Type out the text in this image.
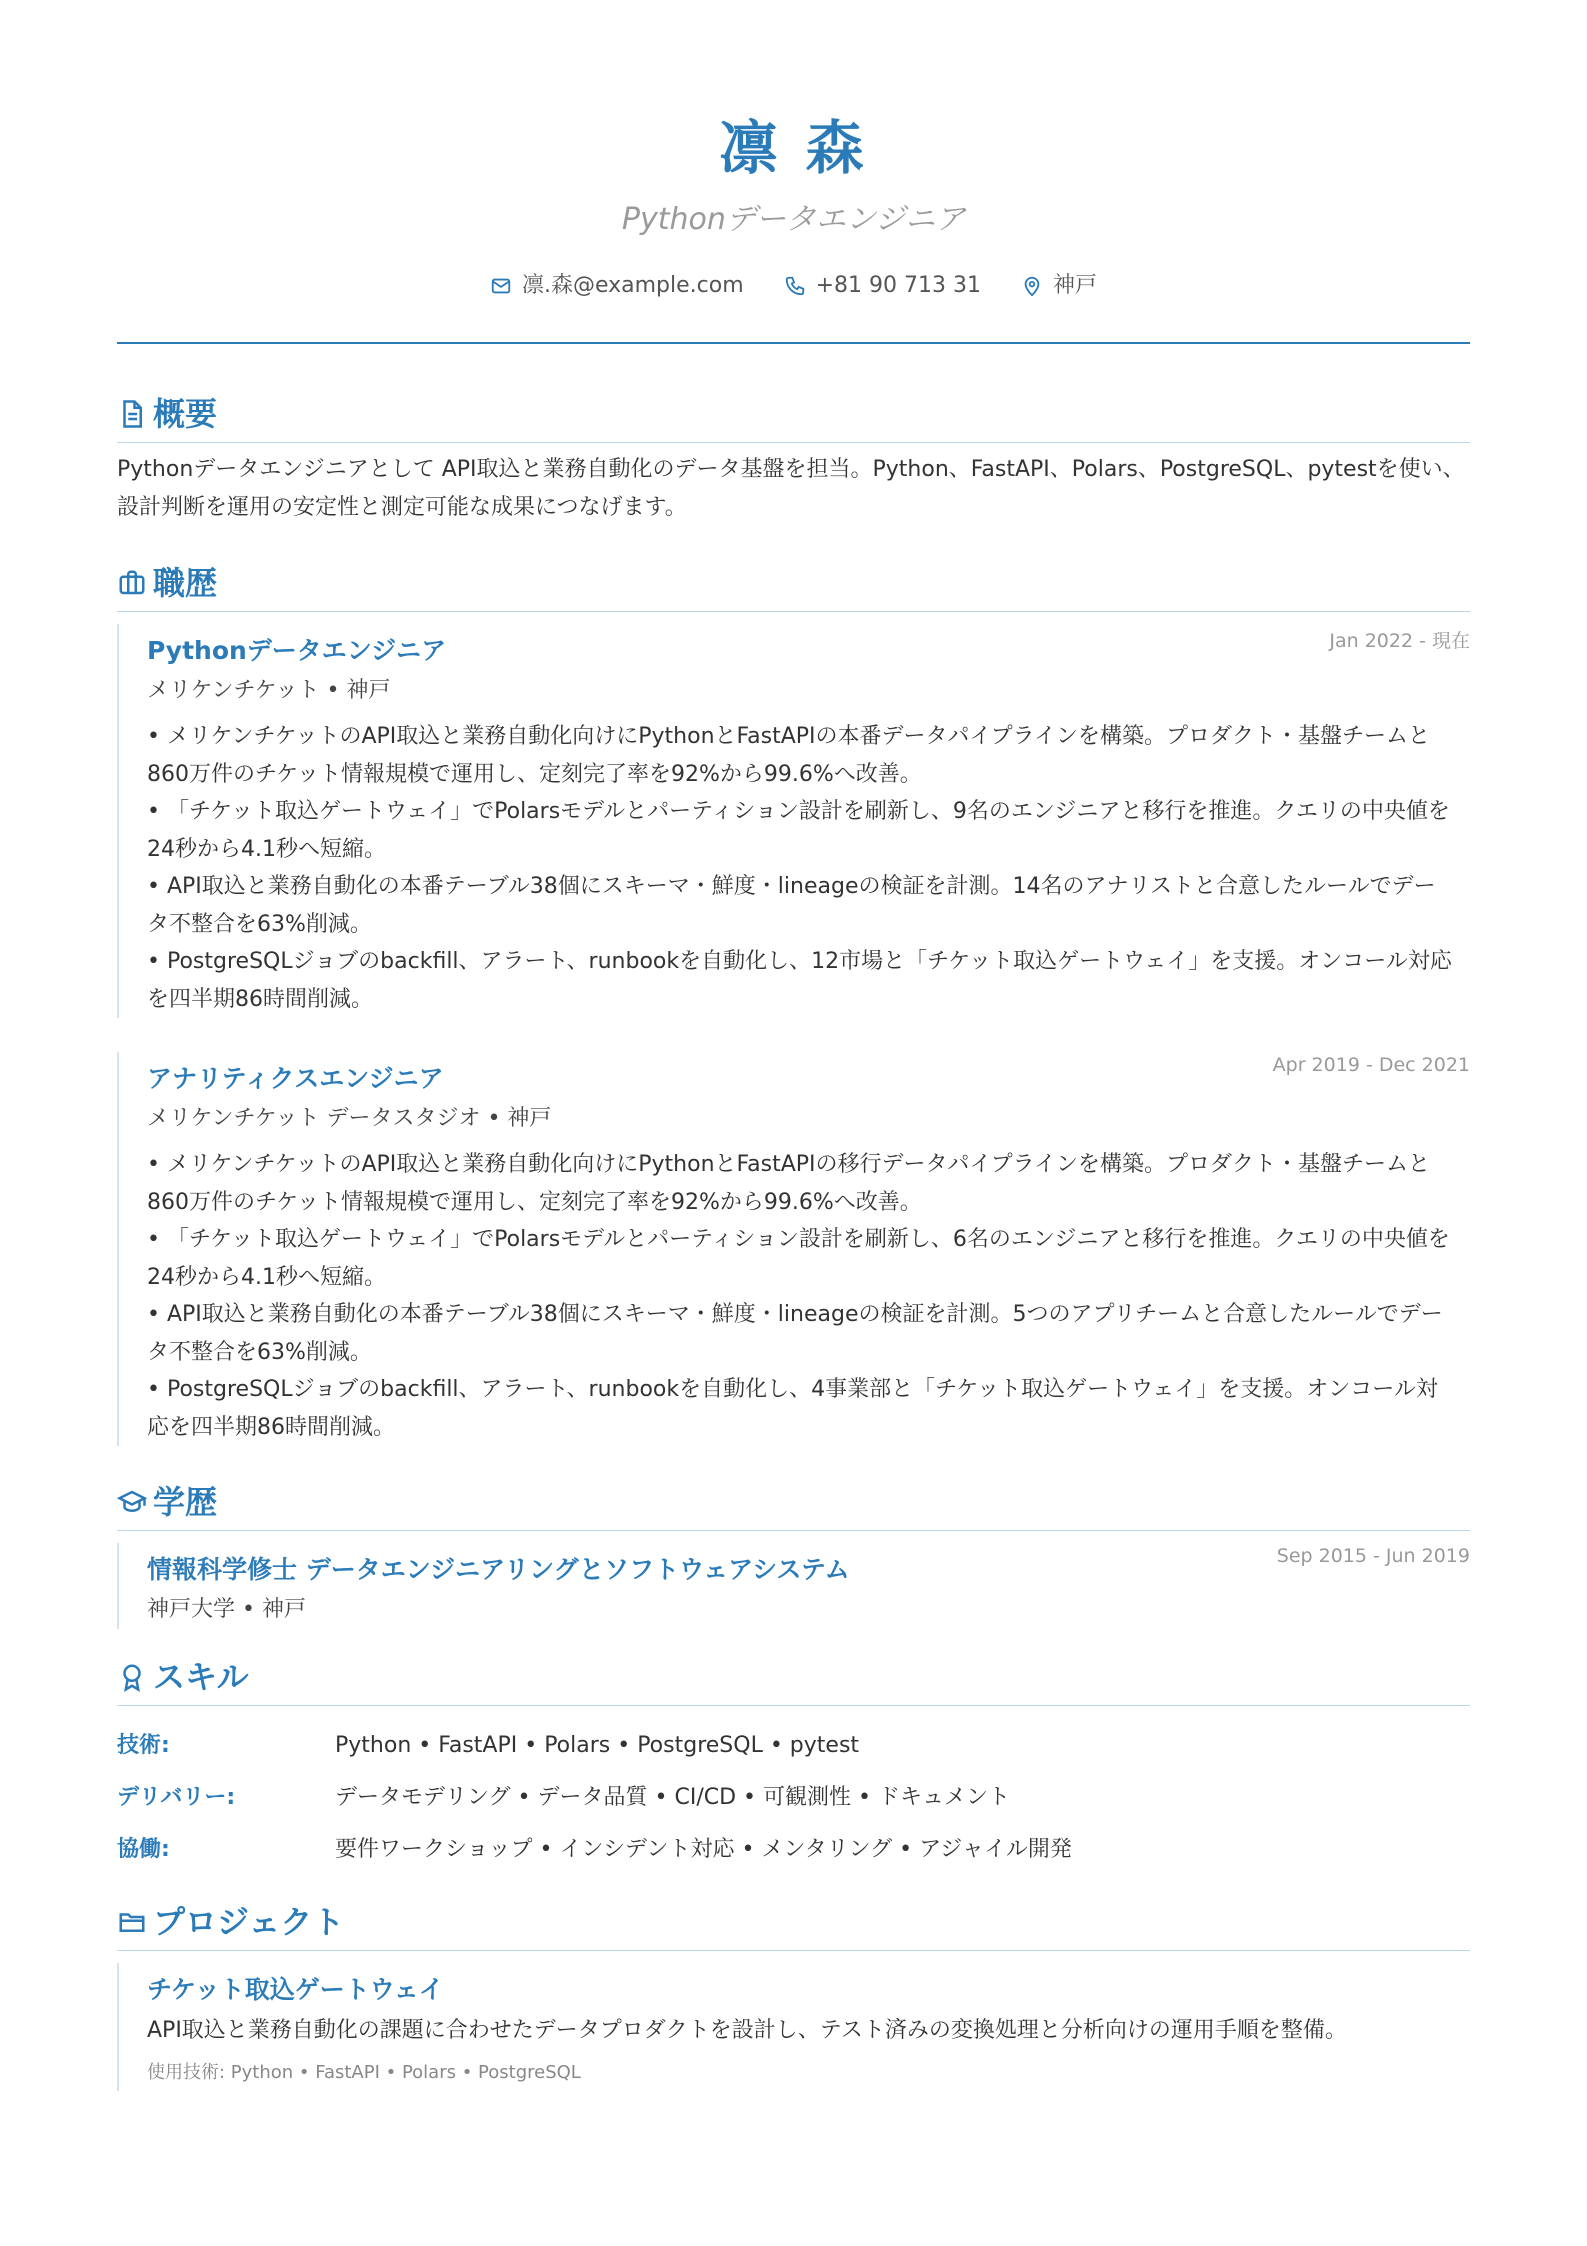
凛 森
Pythonデータエンジニア
凛.森@example.com	+81 90 713 31	神戸
概要
Pythonデータエンジニアとして API取込と業務自動化のデータ基盤を担当。Python、FastAPI、Polars、PostgreSQL、pytestを使い、設計判断を運用の安定性と測定可能な成果につなげます。
職歴
Jan 2022 - 現在
Pythonデータエンジニア
メリケンチケット • 神戸
• メリケンチケットのAPI取込と業務自動化向けにPythonとFastAPIの本番データパイプラインを構築。プロダクト・基盤チームと860万件のチケット情報規模で運用し、定刻完了率を92%から99.6%へ改善。
• 「チケット取込ゲートウェイ」でPolarsモデルとパーティション設計を刷新し、9名のエンジニアと移行を推進。クエリの中央値を24秒から4.1秒へ短縮。
• API取込と業務自動化の本番テーブル38個にスキーマ・鮮度・lineageの検証を計測。14名のアナリストと合意したルールでデータ不整合を63%削減。
• PostgreSQLジョブのbackfill、アラート、runbookを自動化し、12市場と「チケット取込ゲートウェイ」を支援。オンコール対応を四半期86時間削減。
Apr 2019 - Dec 2021
アナリティクスエンジニア
メリケンチケット データスタジオ • 神戸
• メリケンチケットのAPI取込と業務自動化向けにPythonとFastAPIの移行データパイプラインを構築。プロダクト・基盤チームと860万件のチケット情報規模で運用し、定刻完了率を92%から99.6%へ改善。
• 「チケット取込ゲートウェイ」でPolarsモデルとパーティション設計を刷新し、6名のエンジニアと移行を推進。クエリの中央値を24秒から4.1秒へ短縮。
• API取込と業務自動化の本番テーブル38個にスキーマ・鮮度・lineageの検証を計測。5つのアプリチームと合意したルールでデータ不整合を63%削減。
• PostgreSQLジョブのbackfill、アラート、runbookを自動化し、4事業部と「チケット取込ゲートウェイ」を支援。オンコール対応を四半期86時間削減。
学歴
Sep 2015 - Jun 2019
情報科学修士 データエンジニアリングとソフトウェアシステム
神戸大学 • 神戸
スキル
技術:	Python • FastAPI • Polars • PostgreSQL • pytest
デリバリー:	データモデリング • データ品質 • CI/CD • 可観測性 • ドキュメント
協働:	要件ワークショップ • インシデント対応 • メンタリング • アジャイル開発
プロジェクト
チケット取込ゲートウェイ
API取込と業務自動化の課題に合わせたデータプロダクトを設計し、テスト済みの変換処理と分析向けの運用手順を整備。
使用技術: Python • FastAPI • Polars • PostgreSQL
